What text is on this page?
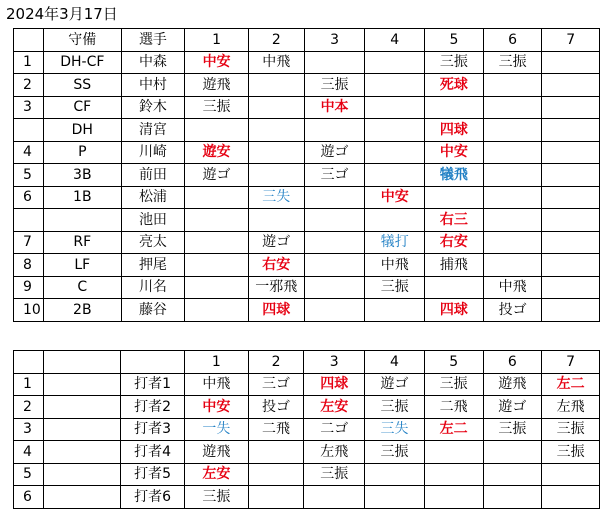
2024年3月17日
	守備	選手	1	2	3	4	5	6	7
1	DH-CF	中森	中安	中飛			三振	三振	
2	SS	中村	遊飛		三振		死球		
3	CF	鈴木	三振		中本				
	DH	清宮					四球		
4	P	川崎	遊安		遊ゴ		中安		
5	3B	前田	遊ゴ		三ゴ		犠飛		
6	1B	松浦		三失		中安			
		池田					右三		
7	RF	亮太		遊ゴ		犠打	右安		
8	LF	押尾		右安		中飛	捕飛		
9	C	川名		一邪飛		三振		中飛	
10	2B	藤谷		四球			四球	投ゴ	
			1	2	3	4	5	6	7
1		打者1	中飛	三ゴ	四球	遊ゴ	三振	遊飛	左二
2		打者2	中安	投ゴ	左安	三振	二飛	遊ゴ	左飛
3		打者3	一失	二飛	二ゴ	三失	左二	三振	三振
4		打者4	遊飛		左飛	三振			三振
5		打者5	左安		三振				
6		打者6	三振						
